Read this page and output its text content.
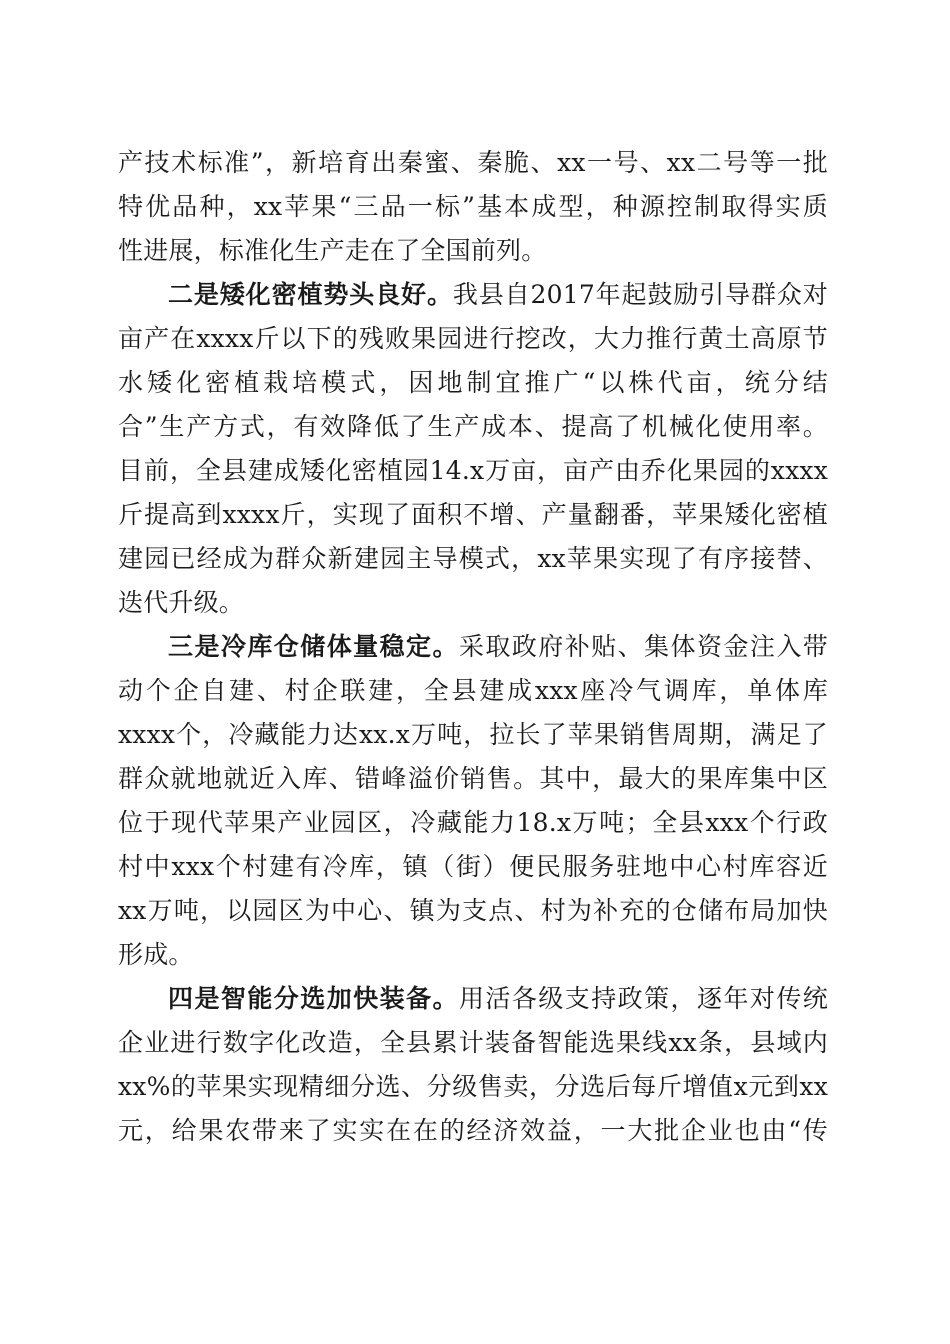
产技术标准”，新培育出秦蜜、秦脆、xx一号、xx二号等一批
特优品种，xx苹果“三品一标”基本成型，种源控制取得实质
性进展，标准化生产走在了全国前列。
二是矮化密植势头良好。我县自2017年起鼓励引导群众对
亩产在xxxx斤以下的残败果园进行挖改，大力推行黄土高原节
水矮化密植栽培模式，因地制宜推广“以株代亩，统分结
合”生产方式，有效降低了生产成本、提高了机械化使用率。
目前，全县建成矮化密植园14.x万亩，亩产由乔化果园的xxxx
斤提高到xxxx斤，实现了面积不增、产量翻番，苹果矮化密植
建园已经成为群众新建园主导模式，xx苹果实现了有序接替、
迭代升级。
三是冷库仓储体量稳定。采取政府补贴、集体资金注入带
动个企自建、村企联建，全县建成xxx座冷气调库，单体库
xxxx个，冷藏能力达xx.x万吨，拉长了苹果销售周期，满足了
群众就地就近入库、错峰溢价销售。其中，最大的果库集中区
位于现代苹果产业园区，冷藏能力18.x万吨；全县xxx个行政
村中xxx个村建有冷库，镇（街）便民服务驻地中心村库容近
xx万吨，以园区为中心、镇为支点、村为补充的仓储布局加快
形成。
四是智能分选加快装备。用活各级支持政策，逐年对传统
企业进行数字化改造，全县累计装备智能选果线xx条，县域内
xx%的苹果实现精细分选、分级售卖，分选后每斤增值x元到xx
元，给果农带来了实实在在的经济效益，一大批企业也由“传
